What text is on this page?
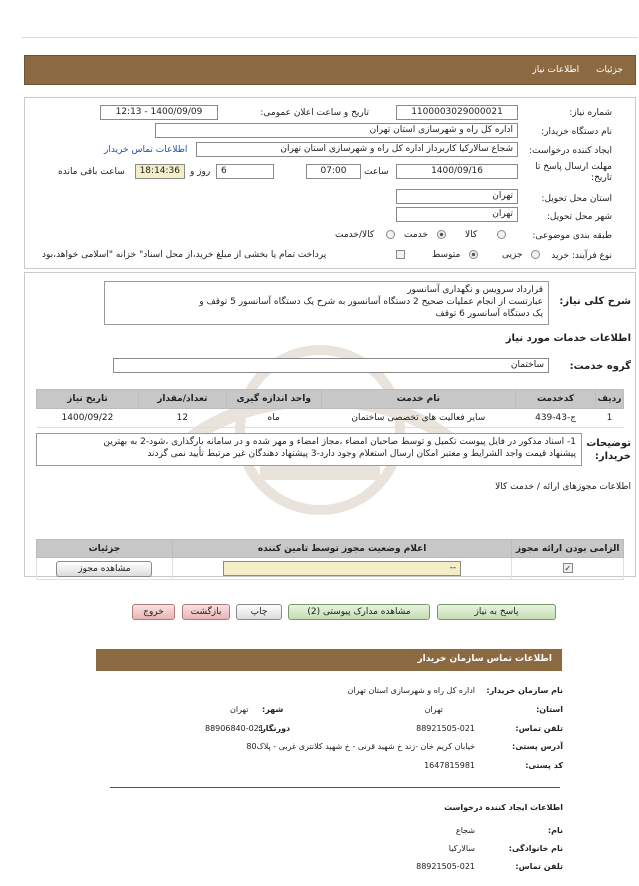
جزئیات اطلاعات نیاز
شماره نیاز:
1100003029000021
تاریخ و ساعت اعلان عمومی:
1400/09/09 - 12:13
نام دستگاه خریدار:
اداره کل راه و شهرسازی استان تهران
ایجاد کننده درخواست:
شجاع سالارکیا کاربرداز اداره کل راه و شهرسازی استان تهران
اطلاعات تماس خریدار
مهلت ارسال پاسخ تا تاریخ:
1400/09/16
ساعت
07:00
6
روز و
18:14:36
ساعت باقی مانده
استان محل تحویل:
تهران
شهر محل تحویل:
تهران
طبقه بندی موضوعی:
کالا
خدمت
کالا/خدمت
نوع فرآیند: خرید
جزیی
متوسط
پرداخت تمام یا بخشی از مبلغ خرید،از محل اسناد" خزانه "اسلامی خواهد،بود
شرح کلی نیاز:
قرارداد سرویس و نگهداری آسانسور
عبارتست از انجام عملیات صحیح 2 دستگاه آسانسور به شرح یک دستگاه آسانسور 5 توقف و
یک دستگاه آسانسور 6 توقف
اطلاعات خدمات مورد نیاز
گروه خدمت:
ساختمان
ردیف	کدخدمت	نام خدمت	واحد اندازه گیری	تعداد/مقدار	تاریخ نیاز
1	ج-43-439	سایر فعالیت های تخصصی ساختمان	ماه	12	1400/09/22
توضیحات خریدار:
1- اسناد مذکور در فایل پیوست تکمیل و توسط صاحبان امضاء ،مجاز امضاء و مهر شده و در سامانه بارگذاری ،شود-2 به بهترین
پیشنهاد قیمت واجد الشرایط و معتبر امکان ارسال استعلام وجود دارد-3 پیشنهاد دهندگان غیر مرتبط تأیید نمی گردند
اطلاعات مجوزهای ارائه / خدمت کالا
الزامی بودن ارائه مجوز	اعلام وضعیت مجوز توسط تامین کننده	جزئیات
✓	--	مشاهده مجوز
پاسخ به نیاز
مشاهده مدارک پیوستی (2)
چاپ
بازگشت
خروج
اطلاعات تماس سازمان خریدار
نام سازمان خریدار:
اداره کل راه و شهرسازی استان تهران
استان:
تهران
شهر:
تهران
تلفن تماس:
88921505-021
دورنگار:
88906840-021
آدرس پستی:
خیابان کریم خان -زند خ شهید قرنی - خ شهید کلانتری غربی - پلاک80
کد پستی:
1647815981
اطلاعات ایجاد کننده درخواست
نام:
شجاع
نام خانوادگی:
سالارکیا
تلفن تماس:
88921505-021
